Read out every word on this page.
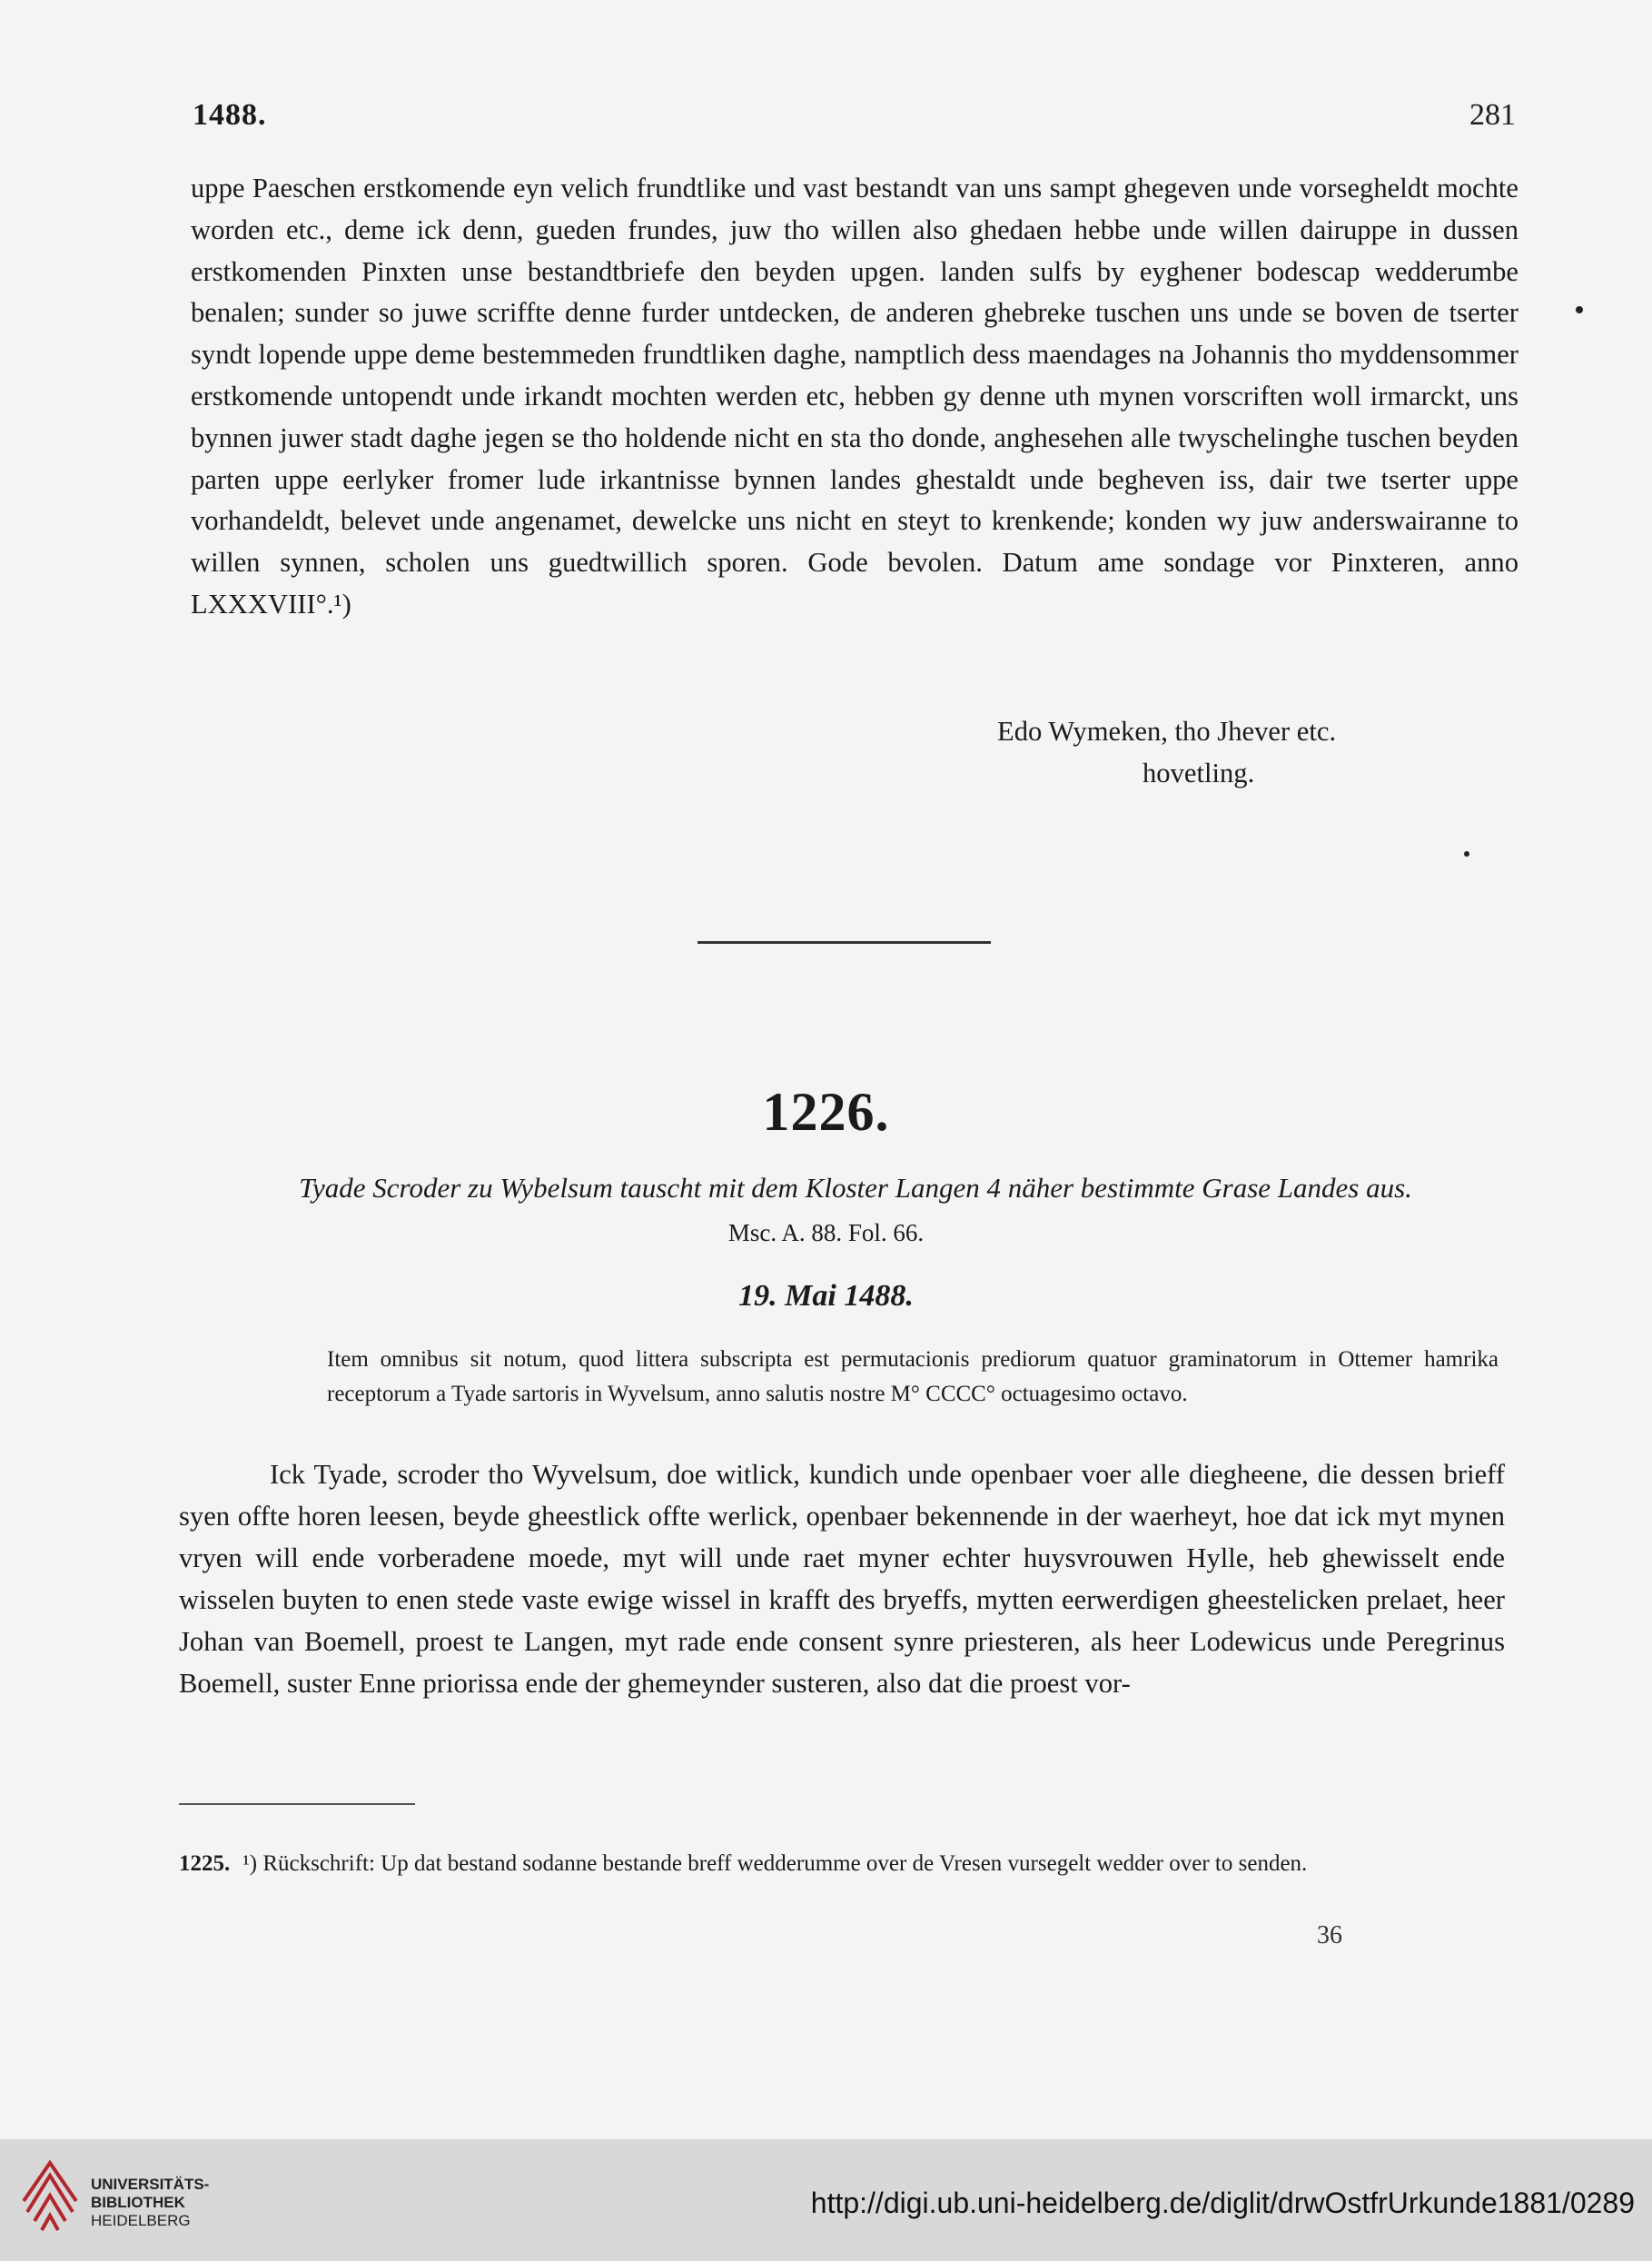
1488.	281

uppe Paeschen erstkomende eyn velich frundtlike und vast bestandt van uns sampt ghegeven unde vorsegheldt mochte worden etc., deme ick denn, gueden frundes, juw tho willen also ghedaen hebbe unde willen dairuppe in dussen erstkomenden Pinxten unse bestandtbriefe den beyden upgen. landen sulfs by eyghener bodescap wedderumbe benalen; sunder so juwe scriffte denne furder untdecken, de anderen ghebreke tuschen uns unde se boven de tserter syndt lopende uppe deme bestemmeden frundtliken daghe, namptlich dess maendages na Johannis tho myddensommer erstkomende untopendt unde irkandt mochten werden etc, hebben gy denne uth mynen vorscriften woll irmarckt, uns bynnen juwer stadt daghe jegen se tho holdende nicht en sta tho donde, anghesehen alle twyschelinghe tuschen beyden parten uppe eerlyker fromer lude irkantnisse bynnen landes ghestaldt unde begheven iss, dair twe tserter uppe vorhandeldt, belevet unde angenamet, dewelcke uns nicht en steyt to krenkende; konden wy juw anderswairanne to willen synnen, scholen uns guedtwillich sporen. Gode bevolen. Datum ame sondage vor Pinxteren, anno LXXXVIII°.¹)

Edo Wymeken, tho Jhever etc.
hovetling.
1226.
Tyade Scroder zu Wybelsum tauscht mit dem Kloster Langen 4 näher bestimmte Grase Landes aus.
Msc. A. 88. Fol. 66.
19. Mai 1488.
Item omnibus sit notum, quod littera subscripta est permutacionis prediorum quatuor graminatorum in Ottemer hamrika receptorum a Tyade sartoris in Wyvelsum, anno salutis nostre M° CCCC° octuagesimo octavo.
Ick Tyade, scroder tho Wyvelsum, doe witlick, kundich unde openbaer voer alle diegheene, die dessen brieff syen offte horen leesen, beyde gheestlick offte werlick, openbaer bekennende in der waerheyt, hoe dat ick myt mynen vryen will ende vorberadene moede, myt will unde raet myner echter huysvrouwen Hylle, heb ghewisselt ende wisselen buyten to enen stede vaste ewige wissel in krafft des bryeffs, mytten eerwerdigen gheestelicken prelaet, heer Johan van Boemell, proest te Langen, myt rade ende consent synre priesteren, als heer Lodewicus unde Peregrinus Boemell, suster Enne priorissa ende der ghemeynder susteren, also dat die proest vor-
1225. ¹) Rückschrift: Up dat bestand sodanne bestande breff wedderumme over de Vresen vursegelt wedder over to senden.
36
UNIVERSITÄTS-
BIBLIOTHEK
HEIDELBERG
http://digi.ub.uni-heidelberg.de/diglit/drwOstfrUrkunde1881/0289
